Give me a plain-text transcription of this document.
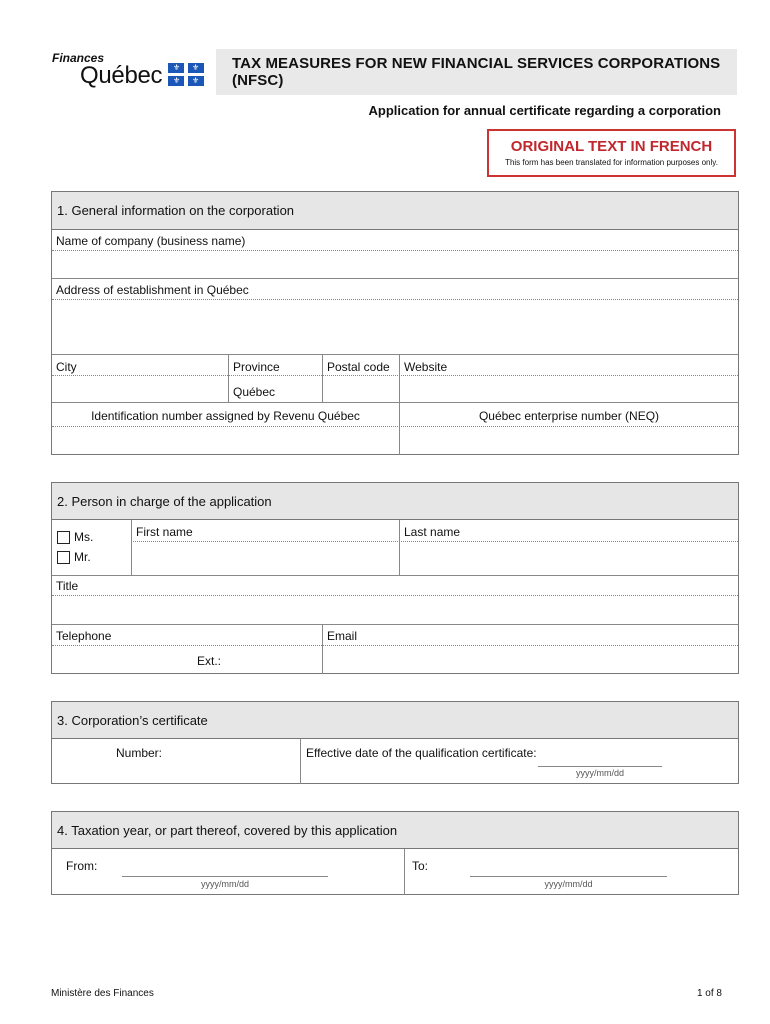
Finances
Québec ⚜ ⚜
⚜ ⚜
TAX MEASURES FOR NEW FINANCIAL SERVICES CORPORATIONS (NFSC)
Application for annual certificate regarding a corporation
ORIGINAL TEXT IN FRENCH
This form has been translated for information purposes only.
1. General information on the corporation
Name of company (business name)
Address of establishment in Québec
City	Province	Postal code Website
Québec
Identification number assigned by Revenu Québec	Québec enterprise number (NEQ)
2. Person in charge of the application
Ms.
Mr.
First name	Last name
Title
Telephone	Email
Ext.:
3. Corporation’s certificate
Number:	Effective date of the qualification certificate:
yyyy/mm/dd
4. Taxation year, or part thereof, covered by this application
From:
yyyy/mm/dd
To:
yyyy/mm/dd
Ministère des Finances	1 of 8
